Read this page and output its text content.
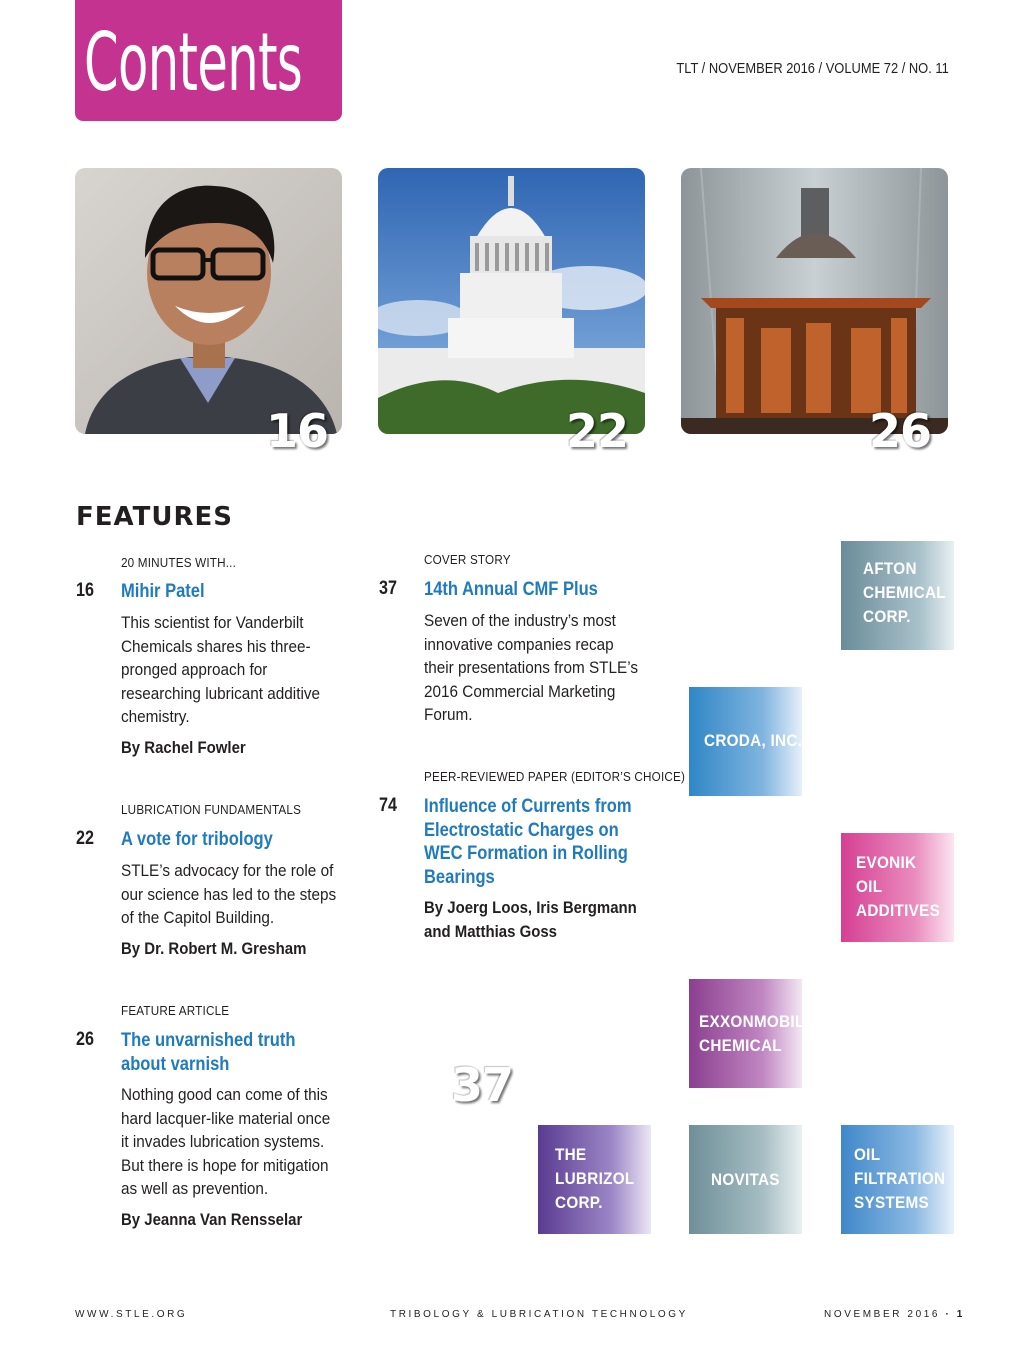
Contents	TLT / NOVEMBER 2016 / VOLUME 72 / NO. 11
16	22	26
FEATURES
20 MINUTES WITH...
16 Mihir Patel
This scientist for Vanderbilt
Chemicals shares his three-
pronged approach for
researching lubricant additive
chemistry.
By Rachel Fowler
LUBRICATION FUNDAMENTALS
22 A vote for tribology
STLE’s advocacy for the role of
our science has led to the steps
of the Capitol Building.
By Dr. Robert M. Gresham
FEATURE ARTICLE
26 The unvarnished truth
about varnish
Nothing good can come of this
hard lacquer-like material once
it invades lubrication systems.
But there is hope for mitigation
as well as prevention.
By Jeanna Van Rensselar
COVER STORY
37 14th Annual CMF Plus
Seven of the industry’s most
innovative companies recap
their presentations from STLE’s
2016 Commercial Marketing
Forum.
PEER-REVIEWED PAPER (EDITOR’S CHOICE)
74 Influence of Currents from
Electrostatic Charges on
WEC Formation in Rolling
Bearings
By Joerg Loos, Iris Bergmann
and Matthias Goss
AFTON
CHEMICAL
CORP.
CRODA, INC.
EVONIK
OIL
ADDITIVES
EXXONMOBIL
CHEMICAL
THE
LUBRIZOL
CORP.
NOVITAS
OIL
FILTRATION
SYSTEMS
37
WWW.STLE.ORG	TRIBOLOGY & LUBRICATION TECHNOLOGY	NOVEMBER 2016 · 1
